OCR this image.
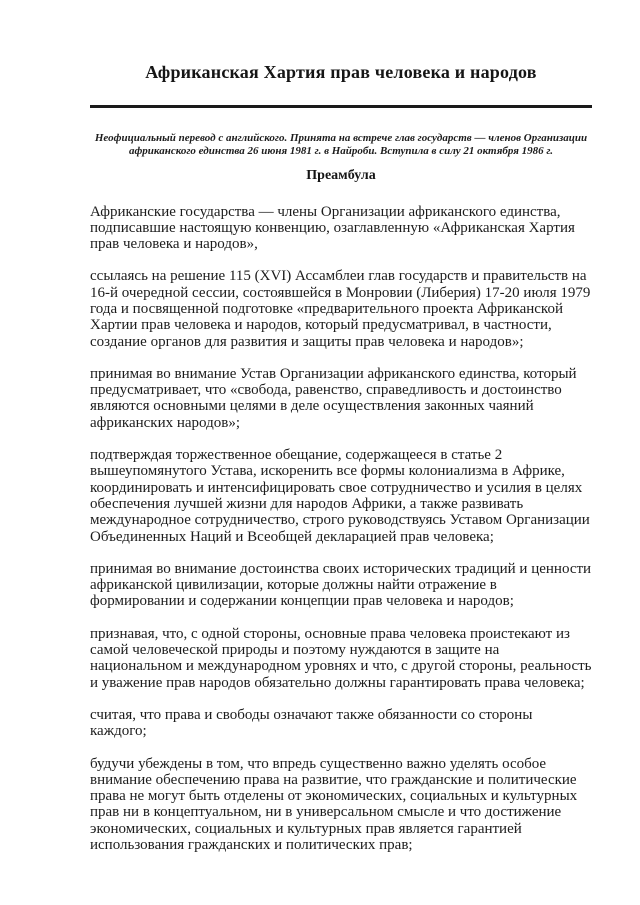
Африканская Хартия прав человека и народов

Неофициальный перевод с английского. Принята на встрече глав государств — членов Организации африканского единства 26 июня 1981 г. в Найроби. Вступила в силу 21 октября 1986 г.

Преамбула

Африканские государства — члены Организации африканского единства, подписавшие настоящую конвенцию, озаглавленную «Африканская Хартия прав человека и народов»,

ссылаясь на решение 115 (XVI) Ассамблеи глав государств и правительств на 16-й очередной сессии, состоявшейся в Монровии (Либерия) 17-20 июля 1979 года и посвященной подготовке «предварительного проекта Африканской Хартии прав человека и народов, который предусматривал, в частности, создание органов для развития и защиты прав человека и народов»;

принимая во внимание Устав Организации африканского единства, который предусматривает, что «свобода, равенство, справедливость и достоинство являются основными целями в деле осуществления законных чаяний африканских народов»;

подтверждая торжественное обещание, содержащееся в статье 2 вышеупомянутого Устава, искоренить все формы колониализма в Африке, координировать и интенсифицировать свое сотрудничество и усилия в целях обеспечения лучшей жизни для народов Африки, а также развивать международное сотрудничество, строго руководствуясь Уставом Организации Объединенных Наций и Всеобщей декларацией прав человека;

принимая во внимание достоинства своих исторических традиций и ценности африканской цивилизации, которые должны найти отражение в формировании и содержании концепции прав человека и народов;

признавая, что, с одной стороны, основные права человека проистекают из самой человеческой природы и поэтому нуждаются в защите на национальном и международном уровнях и что, с другой стороны, реальность и уважение прав народов обязательно должны гарантировать права человека;

считая, что права и свободы означают также обязанности со стороны каждого;

будучи убеждены в том, что впредь существенно важно уделять особое внимание обеспечению права на развитие, что гражданские и политические права не могут быть отделены от экономических, социальных и культурных прав ни в концептуальном, ни в универсальном смысле и что достижение экономических, социальных и культурных прав является гарантией использования гражданских и политических прав;
